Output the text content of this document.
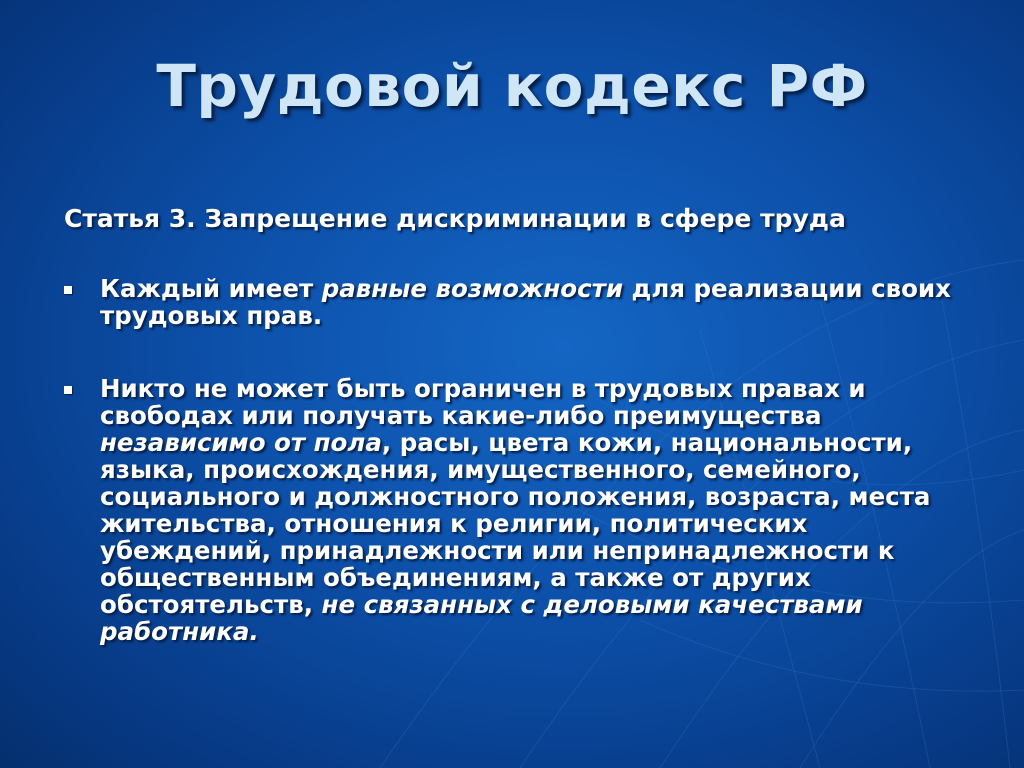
Трудовой кодекс РФ
Статья 3. Запрещение дискриминации в сфере труда
Каждый имеет равные возможности для реализации своих трудовых прав.
Никто не может быть ограничен в трудовых правах и свободах или получать какие-либо преимущества независимо от пола, расы, цвета кожи, национальности, языка, происхождения, имущественного, семейного, социального и должностного положения, возраста, места жительства, отношения к религии, политических убеждений, принадлежности или непринадлежности к общественным объединениям, а также от других обстоятельств, не связанных с деловыми качествами работника.
